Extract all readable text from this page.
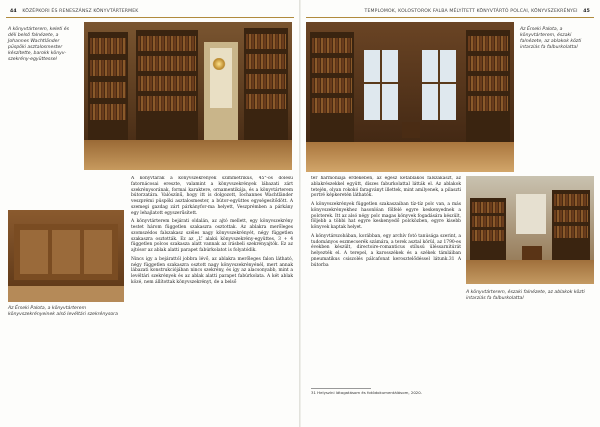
44 KÖZÉPKORI ÉS RENESZÁNSZ KÖNYVTÁRTERMEK
A könyvtárterem, keleti és déli belső falnézete, a Johannes Wachtländer püspöki asztalosmester készítette, barokk könyv-szekrény-együttessel
Az Érseki Palota, a könyvtárterem könyvszekrényeinek alsó levéltári szekrénysora

A könyvtárak a könyvszekrények szimmetrikus, 45°-os dőlésű fatornácosai ereszte, valamint a könyvszekrények lábazati zárt szekrénysorának, formai karaktere, ornamentikája, és a könyvtárterem bútorzatára. Valószínű, hogy itt is dolgozott, Iochannes Wachtländer veszprémi püspöki asztalosmester, a bútor-együttes egységesítődött. A szemegi gazdag zárt párkányfor-ma helyett, Veszprémben a párkány egy lehajlatott egyszerűsített.

A könyvtárterem bejárati oldalán, az ajtó mellett, egy könyvszekrény testet három független szakaszra osztottak. Az ablakra merőleges szomszédos falszakasz széles nagy könyvszekrényét, négy független szakaszra osztották. Ez az „L” alakú könyvszekrény-együttes, 3 + 4 független polcos szakasza alatt vannak az írásbeli szekrényajtók. Ez az ajtósor az ablak alatti parapet fabúrkolatot is folyatódik.

Nincs igy a bejárattól jobbra lévő, az ablakra merőleges falon látható, négy független szakaszra osztott nagy könyvszekrényénél, mert annak lábazati konstrukciójában nincs szekrény, és így az alacsonyabb, mint a levéltári szekrények és az ablak alatti parapet fabúrkolata. A két ablak közé, nem állítottak könyvszekrényt, de a belső

TEMPLOMOK, KOLOSTOROK FALBA MÉLYÍTETT KÖNYVTÁRTÓ POLCAI, KÖNYVSZEKRÉNYEI 45
Az Érseki Palota, a könyvtárterem, északi falnézete, az ablakok közti intarziás fa falburkolattal

tér harmóniája érdekében, az egész kétablakos falszakaszt, az ablakrészekkel együtt, díszes faburkolattal látták el. Az ablakok tetején, olyan rokokó faragványt illettek, mint amilyenek, a pilaszti portré képkeretén láthatók.

A könyvszekrények független szakaszaiban tíz-tíz polc van, a más könyvszekrényekhez hasonlóan fölfelé egyre keskenyednek a polcterek. Itt az alsó négy polc magas könyvek fogadására készült, följebb a többi hat egyre keskenyedő polcközben, egyre kisebb könyvek kaptak helyet.

A könyvtárszobában, korábban, egy archív fotó tanúsága szerint, a tudományos eszmecserék számára, a terek asztal körül, az 1790-es években készült, directoire-romanticus stílusú üléssarnitúrát helyezték el. A terepel, a karosszékek és a székek támláiban pneumatikus csiszolés pálcafonat kerosztelődéssel látunk.31 A bútorba

31 Helyszíni látogatásom és fotódokumentálásom, 2020.
A könyvtárterem, északi falnézete, az ablakok közti intarziás fa falburkolattal
